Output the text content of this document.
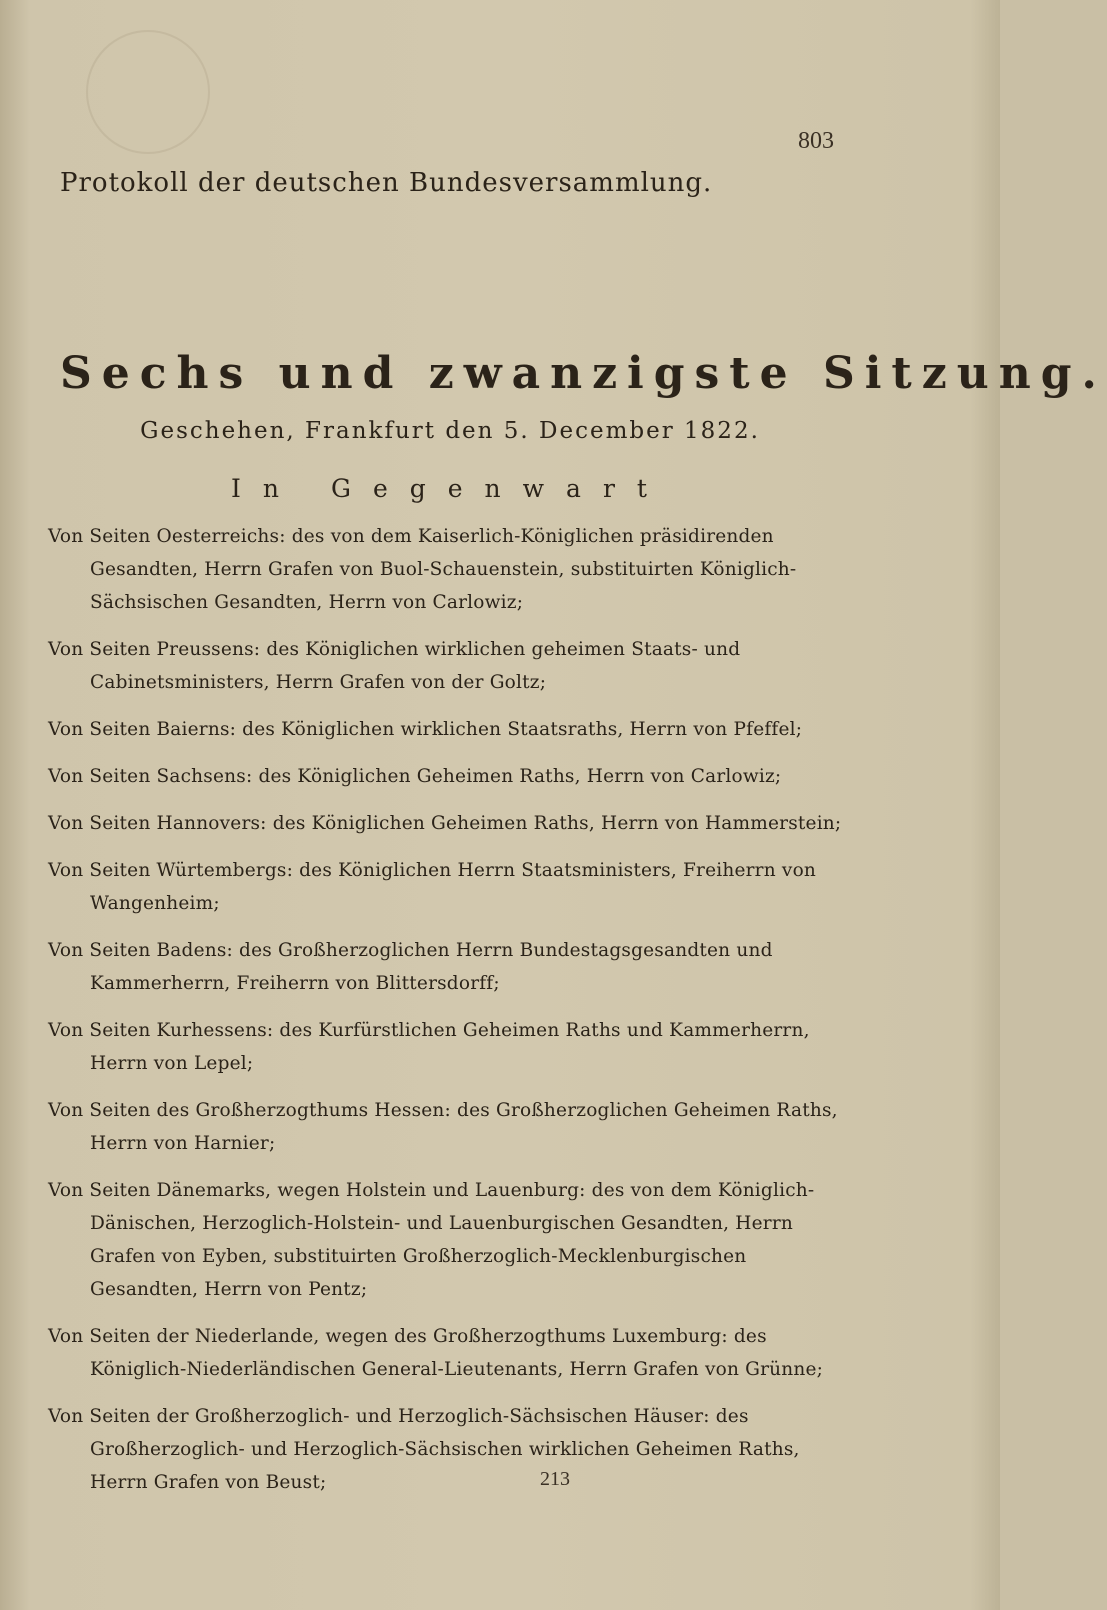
803
Protokoll der deutschen Bundesversammlung.
Sechs und zwanzigste Sitzung.
Geschehen, Frankfurt den 5. December 1822.
In Gegenwart
Von Seiten Oesterreichs: des von dem Kaiserlich-Königlichen präsidirenden Gesandten, Herrn Grafen von Buol-Schauenstein, substituirten Königlich-Sächsischen Gesandten, Herrn von Carlowiz;
Von Seiten Preussens: des Königlichen wirklichen geheimen Staats- und Cabinetsministers, Herrn Grafen von der Goltz;
Von Seiten Baierns: des Königlichen wirklichen Staatsraths, Herrn von Pfeffel;
Von Seiten Sachsens: des Königlichen Geheimen Raths, Herrn von Carlowiz;
Von Seiten Hannovers: des Königlichen Geheimen Raths, Herrn von Hammerstein;
Von Seiten Würtembergs: des Königlichen Herrn Staatsministers, Freiherrn von Wangenheim;
Von Seiten Badens: des Großherzoglichen Herrn Bundestagsgesandten und Kammerherrn, Freiherrn von Blittersdorff;
Von Seiten Kurhessens: des Kurfürstlichen Geheimen Raths und Kammerherrn, Herrn von Lepel;
Von Seiten des Großherzogthums Hessen: des Großherzoglichen Geheimen Raths, Herrn von Harnier;
Von Seiten Dänemarks, wegen Holstein und Lauenburg: des von dem Königlich-Dänischen, Herzoglich-Holstein- und Lauenburgischen Gesandten, Herrn Grafen von Eyben, substituirten Großherzoglich-Mecklenburgischen Gesandten, Herrn von Pentz;
Von Seiten der Niederlande, wegen des Großherzogthums Luxemburg: des Königlich-Niederländischen General-Lieutenants, Herrn Grafen von Grünne;
Von Seiten der Großherzoglich- und Herzoglich-Sächsischen Häuser: des Großherzoglich- und Herzoglich-Sächsischen wirklichen Geheimen Raths, Herrn Grafen von Beust;	213
